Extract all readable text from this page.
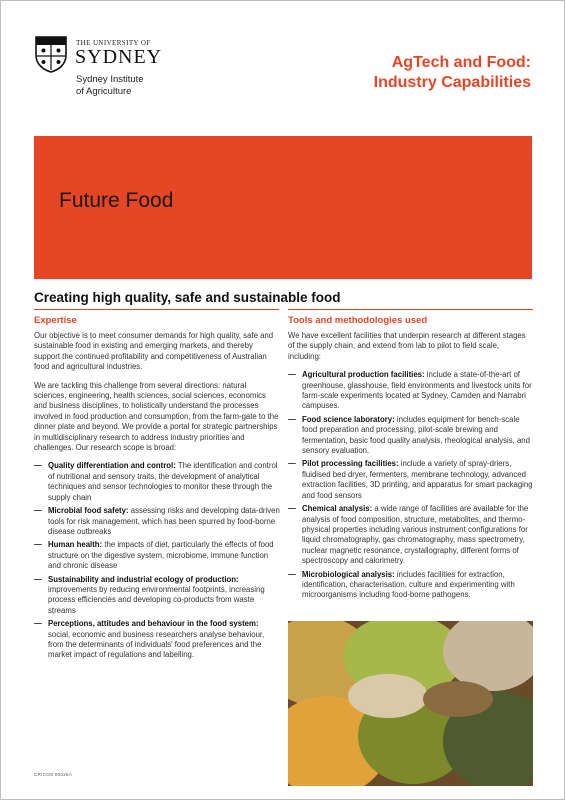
THE UNIVERSITY OF
SYDNEY
Sydney Institute
of Agriculture
AgTech and Food:
Industry Capabilities
Future Food
Creating high quality, safe and sustainable food
Expertise	Tools and methodologies used

Our objective is to meet consumer demands for high quality, safe and sustainable food in existing and emerging markets, and thereby support the continued profitability and competitiveness of Australian food and agricultural industries.

We are tackling this challenge from several directions: natural sciences, engineering, health sciences, social sciences, economics and business disciplines, to holistically understand the processes involved in food production and consumption, from the farm-gate to the dinner plate and beyond. We provide a portal for strategic partnerships in multidisciplinary research to address industry priorities and challenges. Our research scope is broad:

— Quality differentiation and control: The identification and control of nutritional and sensory traits, the development of analytical techniques and sensor technologies to monitor these through the supply chain
— Microbial food safety: assessing risks and developing data-driven tools for risk management, which has been spurred by food-borne disease outbreaks
— Human health: the impacts of diet, particularly the effects of food structure on the digestive system, microbiome, immune function and chronic disease
— Sustainability and industrial ecology of production: improvements by reducing environmental footprints, increasing process efficiencies and developing co-products from waste streams
— Perceptions, attitudes and behaviour in the food system: social, economic and business researchers analyse behaviour, from the determinants of individuals' food preferences and the market impact of regulations and labelling.

We have excellent facilities that underpin research at different stages of the supply chain, and extend from lab to pilot to field scale, including:

— Agricultural production facilities: include a state-of-the-art of greenhouse, glasshouse, field environments and livestock units for farm-scale experiments located at Sydney, Camden and Narrabri campuses.
— Food science laboratory: includes equipment for bench-scale food preparation and processing, pilot-scale brewing and fermentation, basic food quality analysis, rheological analysis, and sensory evaluation.
— Pilot processing facilities: include a variety of spray-driers, fluidised bed dryer, fermenters, membrane technology, advanced extraction facilities, 3D printing, and apparatus for smart packaging and food sensors
— Chemical analysis: a wide range of facilities are available for the analysis of food composition, structure, metabolites, and thermo-physical properties including various instrument configurations for liquid chromatography, gas chromatography, mass spectrometry, nuclear magnetic resonance, crystallography, different forms of spectroscopy and calorimetry.
— Microbiological analysis: includes facilities for extraction, identification, characterisation, culture and experimenting with microorganisms including food-borne pathogens.
CRICOS 00026A
